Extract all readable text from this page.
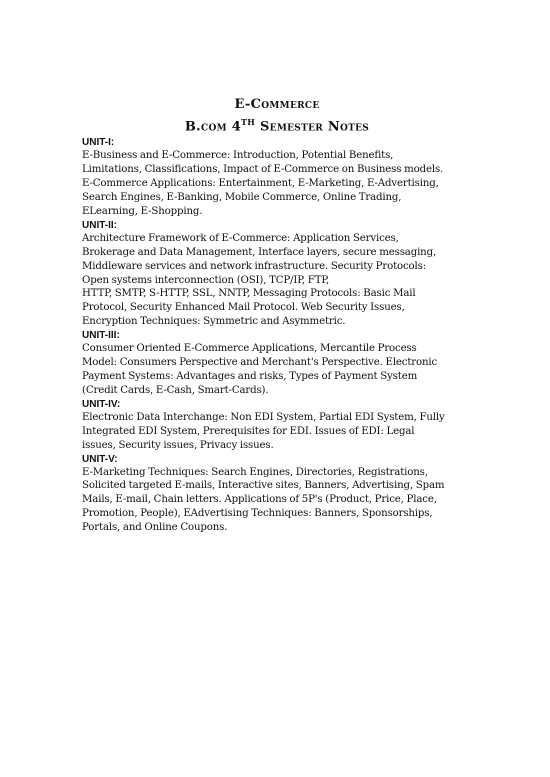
E-Commerce

B.com 4th Semester Notes

UNIT-I:

E-Business and E-Commerce: Introduction, Potential Benefits,
Limitations, Classifications, Impact of E-Commerce on Business models.
E-Commerce Applications: Entertainment, E-Marketing, E-Advertising,
Search Engines, E-Banking, Mobile Commerce, Online Trading,
ELearning, E-Shopping.

UNIT-II:

Architecture Framework of E-Commerce: Application Services,
Brokerage and Data Management, Interface layers, secure messaging,
Middleware services and network infrastructure. Security Protocols:
Open systems interconnection (OSI), TCP/IP, FTP,
HTTP, SMTP, S-HTTP, SSL, NNTP, Messaging Protocols: Basic Mail
Protocol, Security Enhanced Mail Protocol. Web Security Issues,
Encryption Techniques: Symmetric and Asymmetric.

UNIT-III:

Consumer Oriented E-Commerce Applications, Mercantile Process
Model: Consumers Perspective and Merchant's Perspective. Electronic
Payment Systems: Advantages and risks, Types of Payment System
(Credit Cards, E-Cash, Smart-Cards).

UNIT-IV:

Electronic Data Interchange: Non EDI System, Partial EDI System, Fully
Integrated EDI System, Prerequisites for EDI. Issues of EDI: Legal
issues, Security issues, Privacy issues.

UNIT-V:

E-Marketing Techniques: Search Engines, Directories, Registrations,
Solicited targeted E-mails, Interactive sites, Banners, Advertising, Spam
Mails, E-mail, Chain letters. Applications of 5P's (Product, Price, Place,
Promotion, People), EAdvertising Techniques: Banners, Sponsorships,
Portals, and Online Coupons.
